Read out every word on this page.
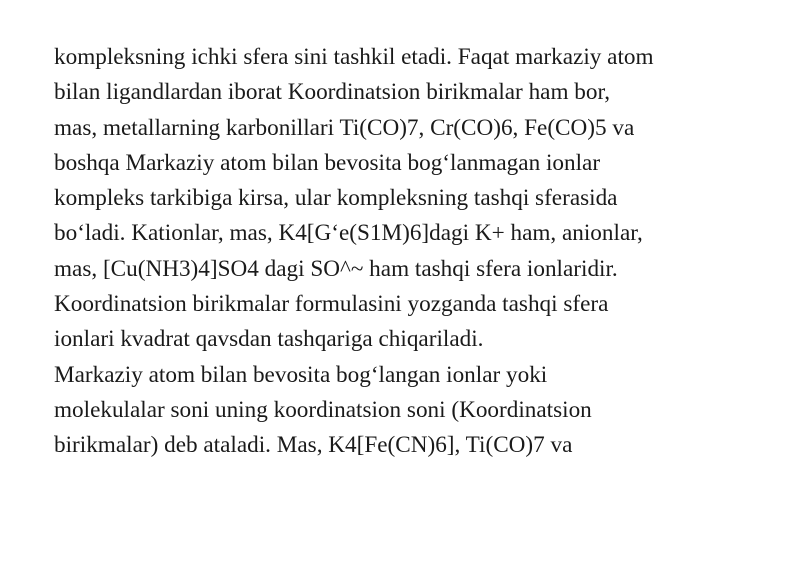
kompleksning ichki sfera sini tashkil etadi. Faqat markaziy atom
bilan ligandlardan iborat Koordinatsion birikmalar ham bor,
mas, metallarning karbonillari Ti(CO)7, Cr(CO)6, Fe(CO)5 va
boshqa Markaziy atom bilan bevosita bog‘lanmagan ionlar
kompleks tarkibiga kirsa, ular kompleksning tashqi sferasida
bo‘ladi. Kationlar, mas, K4[G‘e(S1M)6]dagi K+ ham, anionlar,
mas, [Cu(NH3)4]SO4 dagi SO^~ ham tashqi sfera ionlaridir.
Koordinatsion birikmalar formulasini yozganda tashqi sfera
ionlari kvadrat qavsdan tashqariga chiqariladi.
Markaziy atom bilan bevosita bog‘langan ionlar yoki
molekulalar soni uning koordinatsion soni (Koordinatsion
birikmalar) deb ataladi. Mas, K4[Fe(CN)6], Ti(CO)7 va
